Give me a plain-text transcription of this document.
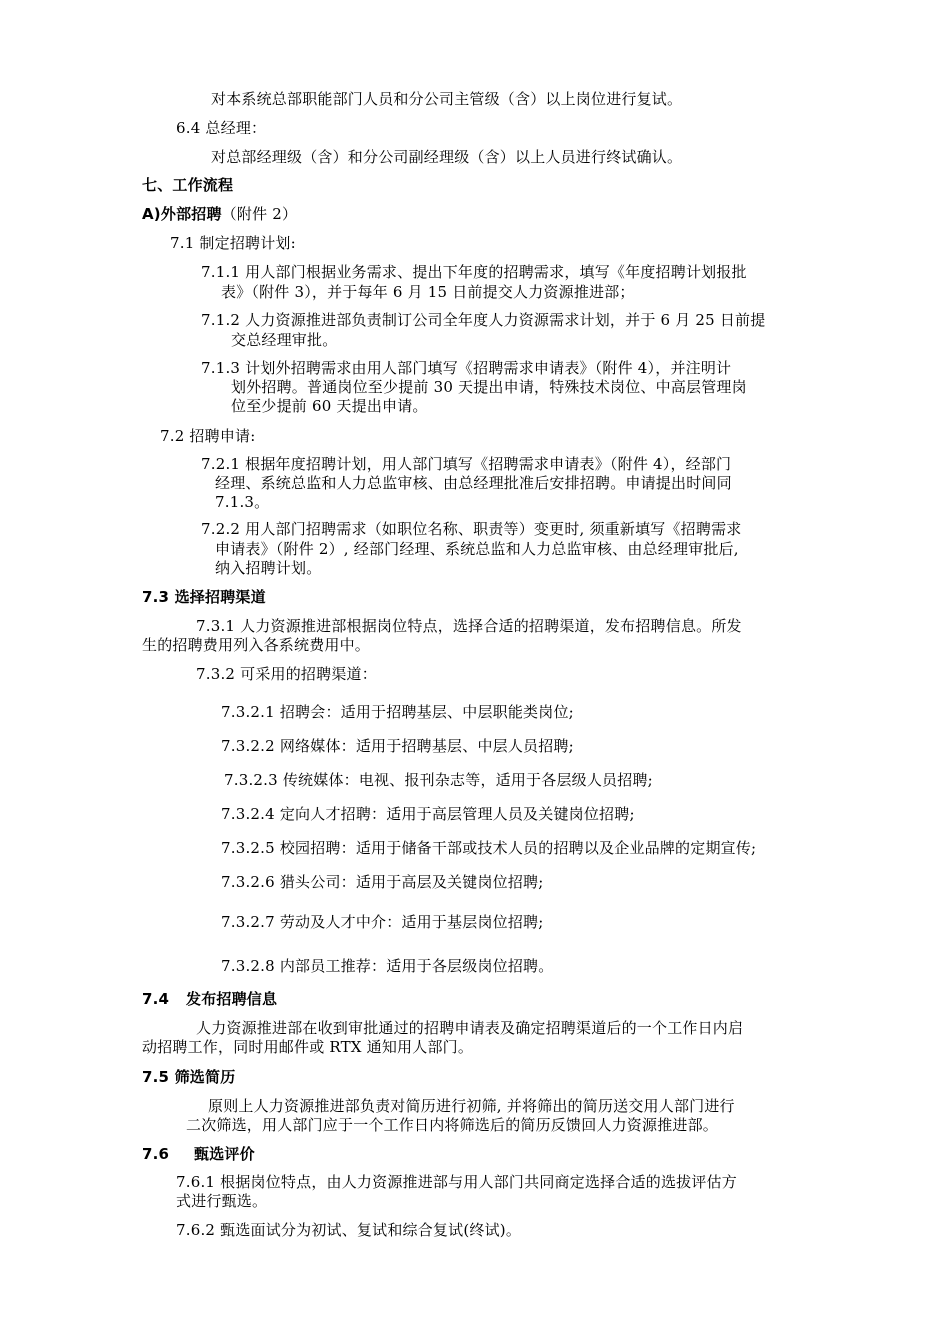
对本系统总部职能部门人员和分公司主管级（含）以上岗位进行复试。
6.4 总经理：
对总部经理级（含）和分公司副经理级（含）以上人员进行终试确认。
七、工作流程
A)外部招聘（附件 2）
7.1 制定招聘计划:
7.1.1 用人部门根据业务需求、提出下年度的招聘需求，填写《年度招聘计划报批
表》（附件 3），并于每年 6 月 15 日前提交人力资源推进部；
7.1.2 人力资源推进部负责制订公司全年度人力资源需求计划，并于 6 月 25 日前提
交总经理审批。
7.1.3 计划外招聘需求由用人部门填写《招聘需求申请表》（附件 4），并注明计
划外招聘。普通岗位至少提前 30 天提出申请，特殊技术岗位、中高层管理岗
位至少提前 60 天提出申请。
7.2 招聘申请:
7.2.1 根据年度招聘计划，用人部门填写《招聘需求申请表》（附件 4），经部门
经理、系统总监和人力总监审核、由总经理批准后安排招聘。申请提出时间同
7.1.3。
7.2.2 用人部门招聘需求（如职位名称、职责等）变更时, 须重新填写《招聘需求
申请表》（附件 2）, 经部门经理、系统总监和人力总监审核、由总经理审批后,
纳入招聘计划。
7.3 选择招聘渠道
7.3.1 人力资源推进部根据岗位特点，选择合适的招聘渠道，发布招聘信息。所发
生的招聘费用列入各系统费用中。
7.3.2 可采用的招聘渠道：
7.3.2.1 招聘会：适用于招聘基层、中层职能类岗位;
7.3.2.2 网络媒体：适用于招聘基层、中层人员招聘;
7.3.2.3 传统媒体：电视、报刊杂志等，适用于各层级人员招聘;
7.3.2.4 定向人才招聘：适用于高层管理人员及关键岗位招聘;
7.3.2.5 校园招聘：适用于储备干部或技术人员的招聘以及企业品牌的定期宣传;
7.3.2.6 猎头公司：适用于高层及关键岗位招聘;
7.3.2.7 劳动及人才中介：适用于基层岗位招聘;
7.3.2.8 内部员工推荐：适用于各层级岗位招聘。
7.4 发布招聘信息
人力资源推进部在收到审批通过的招聘申请表及确定招聘渠道后的一个工作日内启
动招聘工作，同时用邮件或 RTX 通知用人部门。
7.5 筛选简历
原则上人力资源推进部负责对简历进行初筛, 并将筛出的简历送交用人部门进行
二次筛选，用人部门应于一个工作日内将筛选后的简历反馈回人力资源推进部。
7.6 甄选评价
7.6.1 根据岗位特点，由人力资源推进部与用人部门共同商定选择合适的选拔评估方
式进行甄选。
7.6.2 甄选面试分为初试、复试和综合复试(终试)。
